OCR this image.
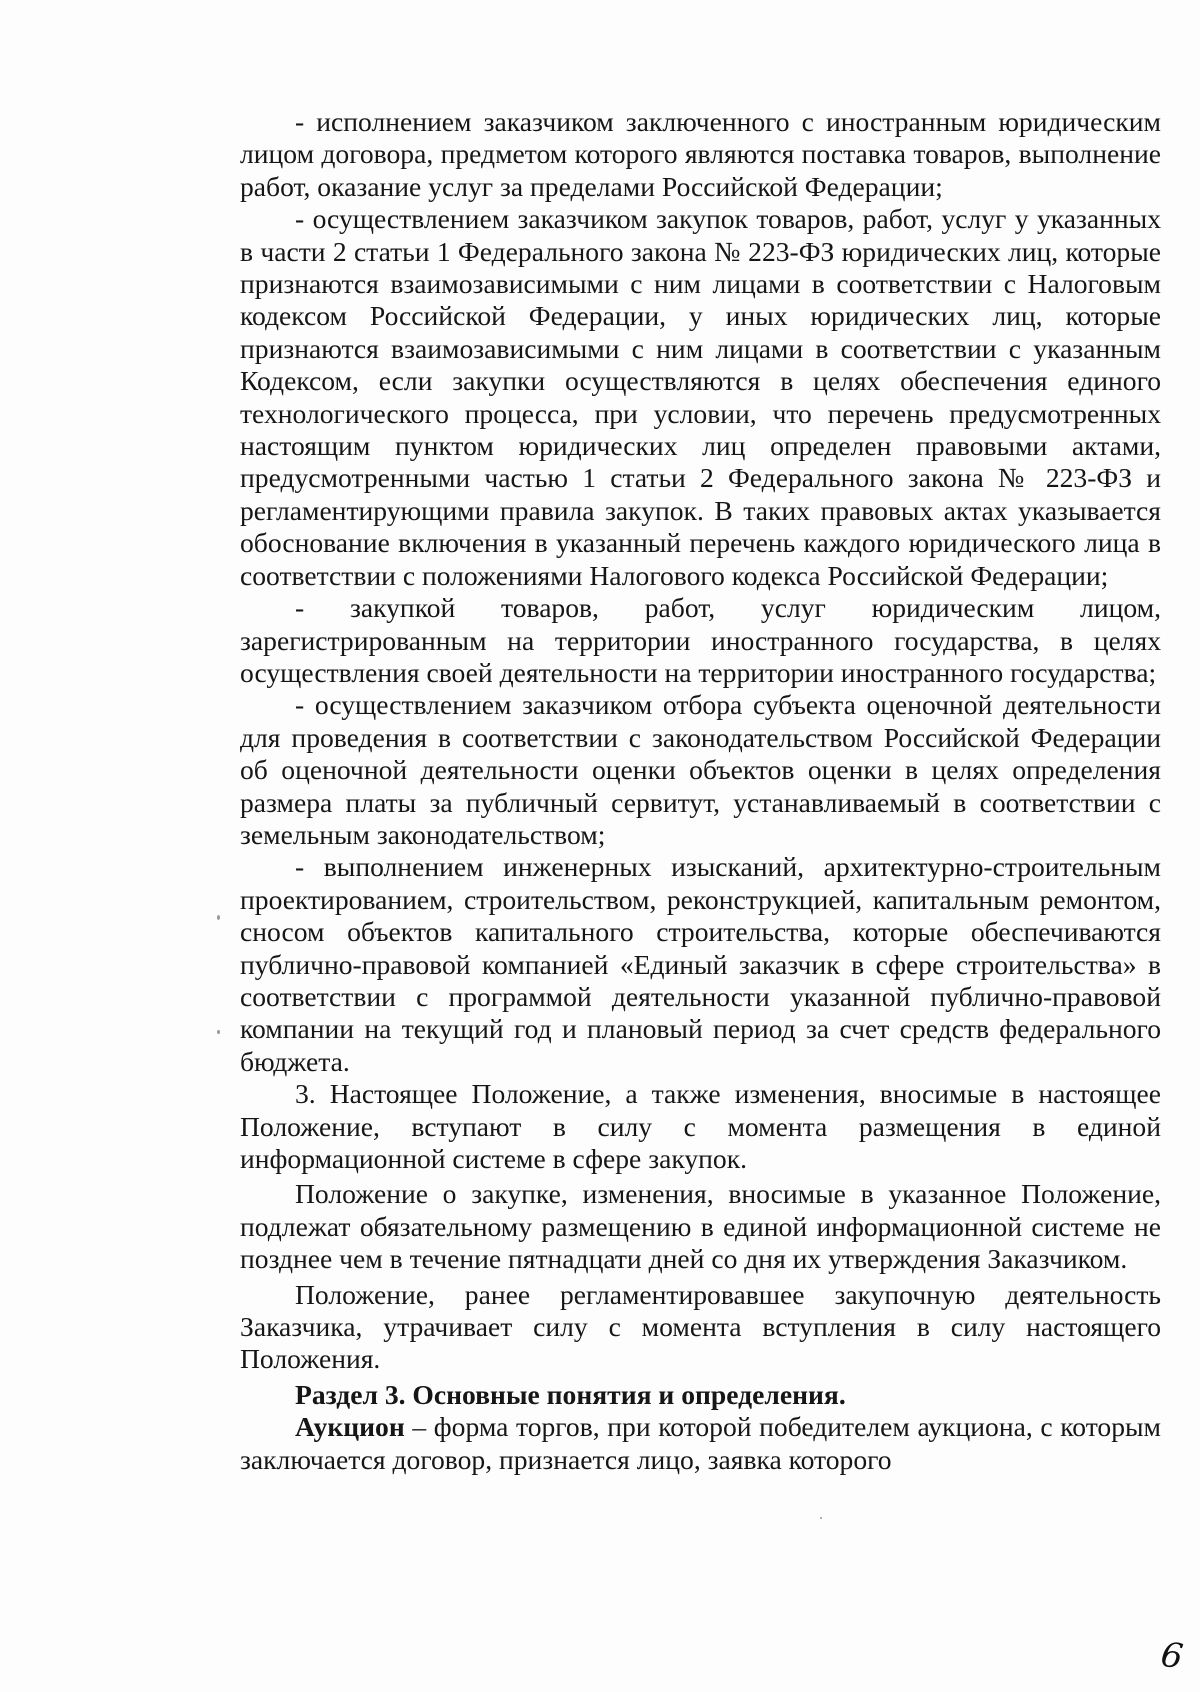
- исполнением заказчиком заключенного с иностранным юридическим лицом договора, предметом которого являются поставка товаров, выполнение работ, оказание услуг за пределами Российской Федерации;

- осуществлением заказчиком закупок товаров, работ, услуг у указанных в части 2 статьи 1 Федерального закона № 223-ФЗ юридических лиц, которые признаются взаимозависимыми с ним лицами в соответствии с Налоговым кодексом Российской Федерации, у иных юридических лиц, которые признаются взаимозависимыми с ним лицами в соответствии с указанным Кодексом, если закупки осуществляются в целях обеспечения единого технологического процесса, при условии, что перечень предусмотренных настоящим пунктом юридических лиц определен правовыми актами, предусмотренными частью 1 статьи 2 Федерального закона № 223-ФЗ и регламентирующими правила закупок. В таких правовых актах указывается обоснование включения в указанный перечень каждого юридического лица в соответствии с положениями Налогового кодекса Российской Федерации;

- закупкой товаров, работ, услуг юридическим лицом, зарегистрированным на территории иностранного государства, в целях осуществления своей деятельности на территории иностранного государства;

- осуществлением заказчиком отбора субъекта оценочной деятельности для проведения в соответствии с законодательством Российской Федерации об оценочной деятельности оценки объектов оценки в целях определения размера платы за публичный сервитут, устанавливаемый в соответствии с земельным законодательством;

- выполнением инженерных изысканий, архитектурно-строительным проектированием, строительством, реконструкцией, капитальным ремонтом, сносом объектов капитального строительства, которые обеспечиваются публично-правовой компанией «Единый заказчик в сфере строительства» в соответствии с программой деятельности указанной публично-правовой компании на текущий год и плановый период за счет средств федерального бюджета.

3. Настоящее Положение, а также изменения, вносимые в настоящее Положение, вступают в силу с момента размещения в единой информационной системе в сфере закупок.

Положение о закупке, изменения, вносимые в указанное Положение, подлежат обязательному размещению в единой информационной системе не позднее чем в течение пятнадцати дней со дня их утверждения Заказчиком.

Положение, ранее регламентировавшее закупочную деятельность Заказчика, утрачивает силу с момента вступления в силу настоящего Положения.

Раздел 3. Основные понятия и определения.

Аукцион – форма торгов, при которой победителем аукциона, с которым заключается договор, признается лицо, заявка которого

6
